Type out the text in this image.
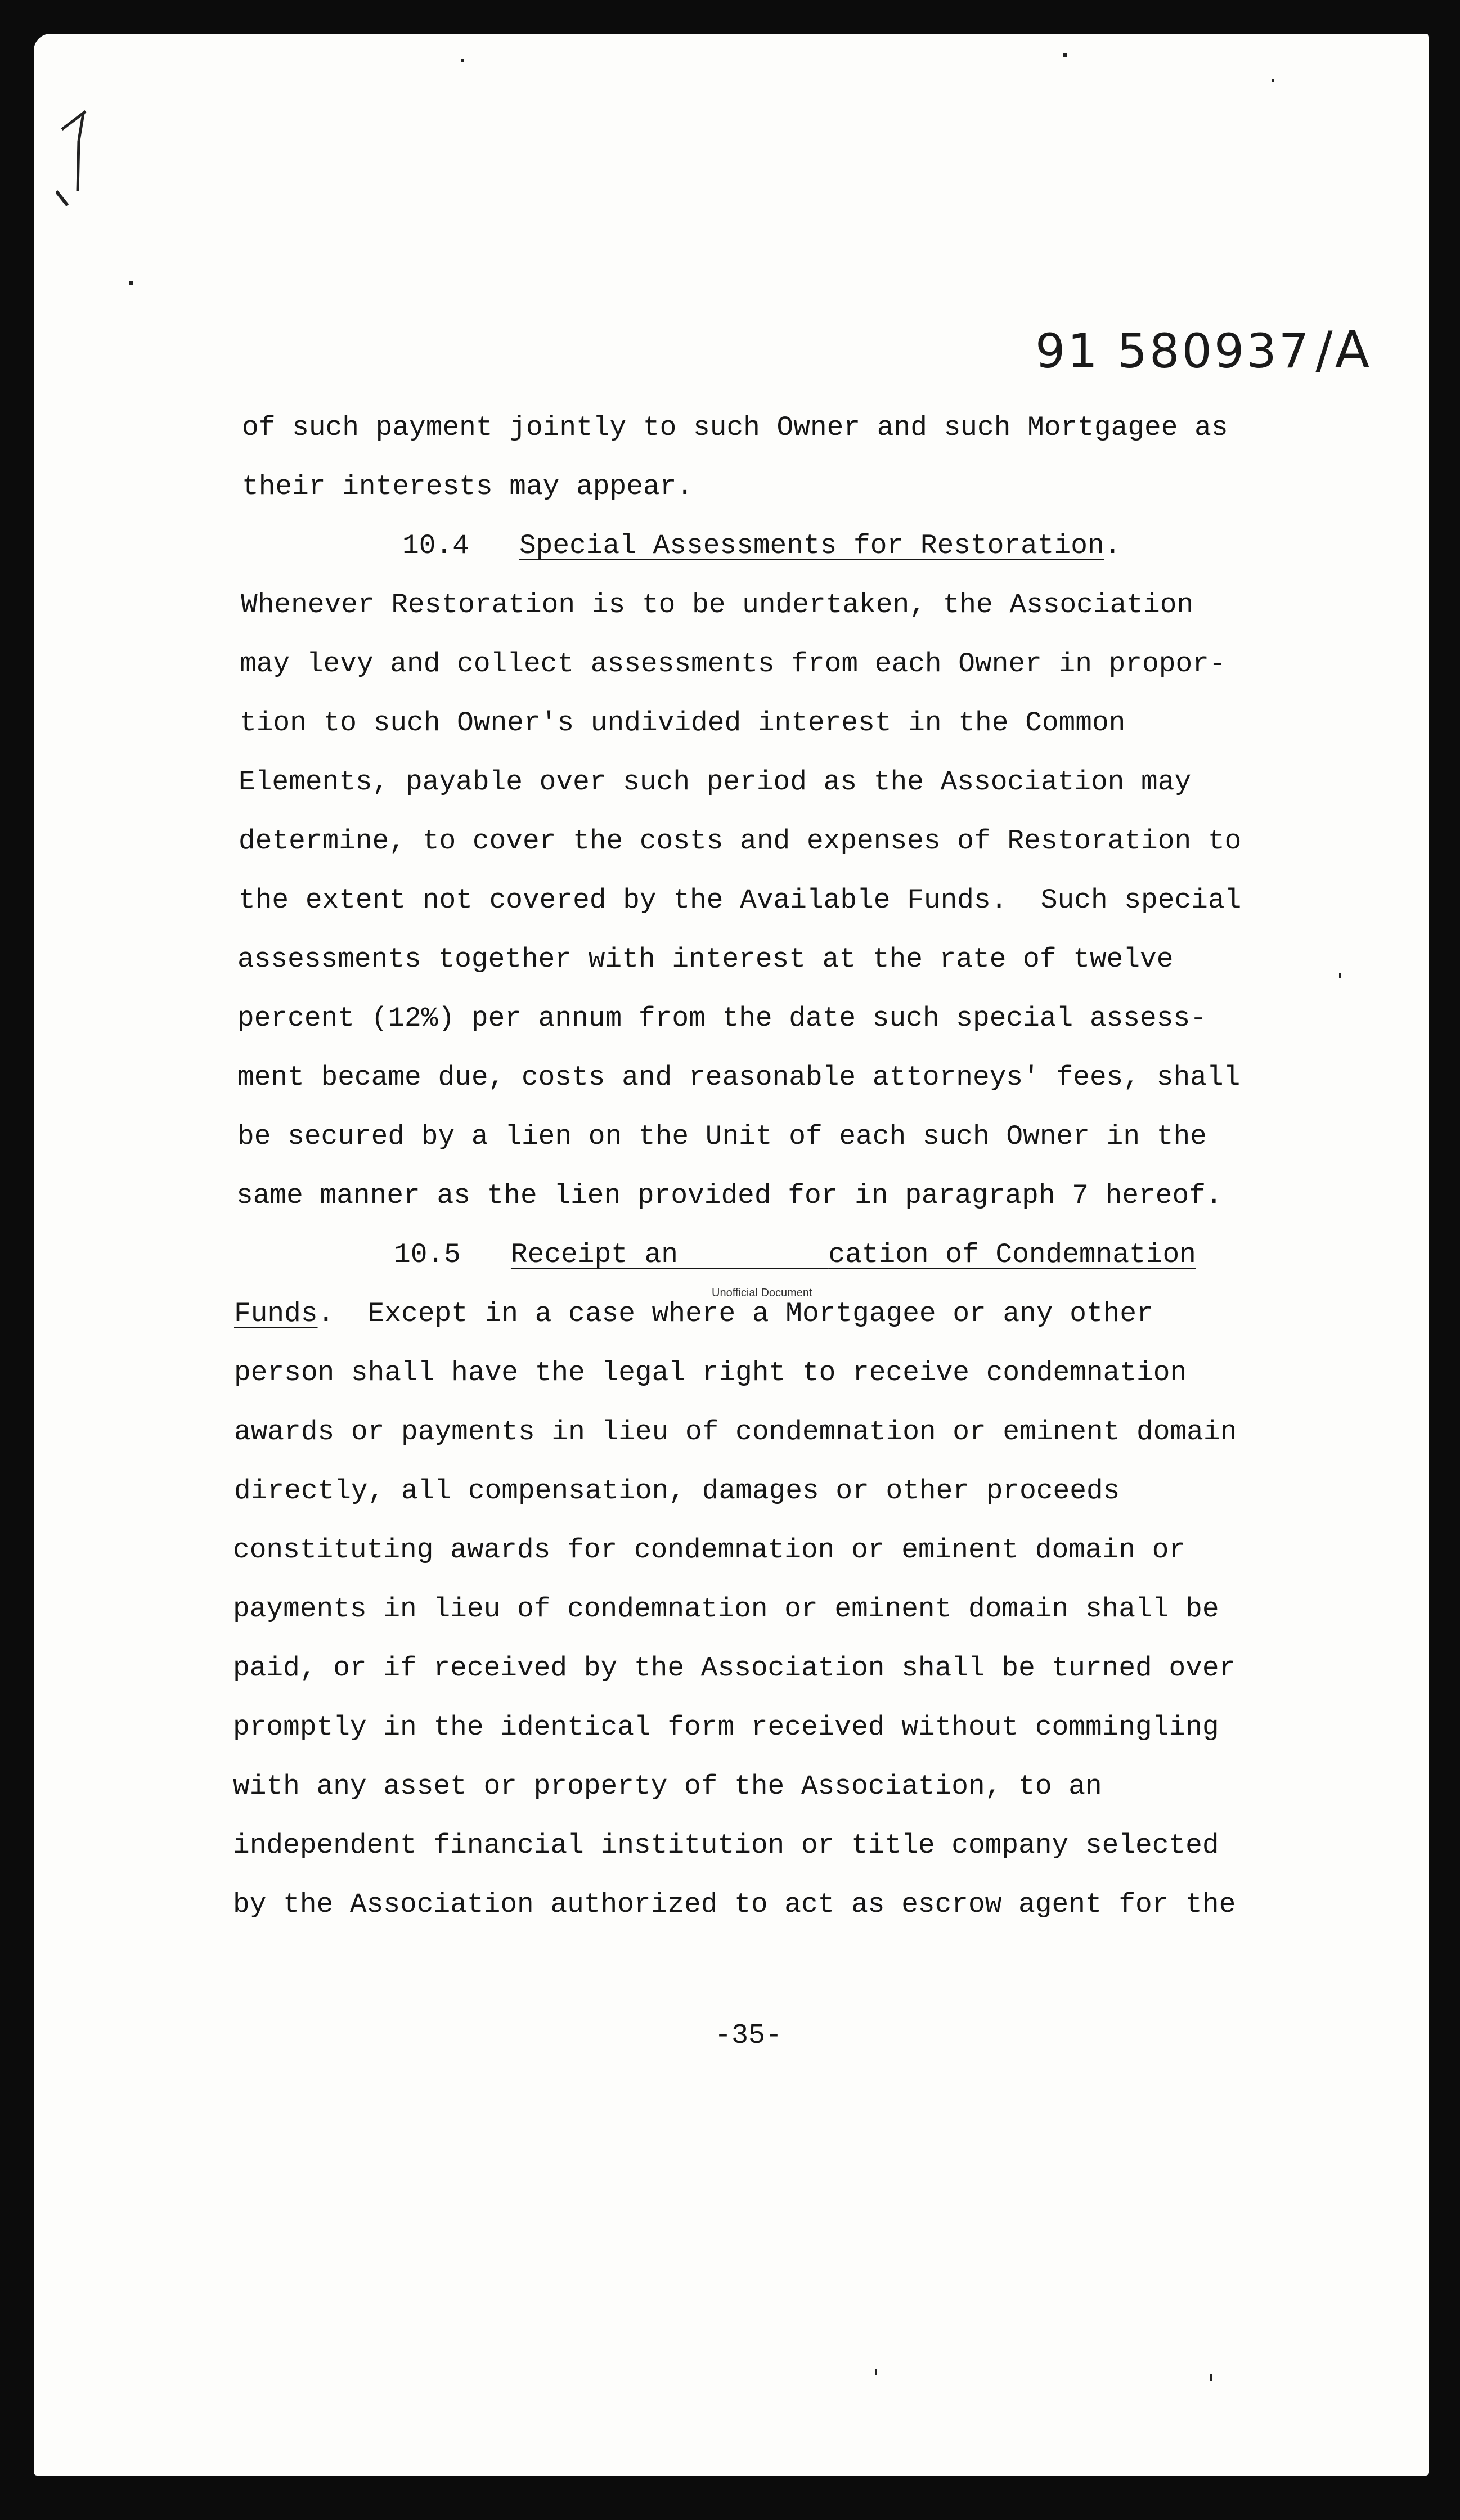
91 580937/A
of such payment jointly to such Owner and such Mortgagee as
their interests may appear.
10.4 Special Assessments for Restoration.
Whenever Restoration is to be undertaken, the Association
may levy and collect assessments from each Owner in propor-
tion to such Owner's undivided interest in the Common
Elements, payable over such period as the Association may
determine, to cover the costs and expenses of Restoration to
the extent not covered by the Available Funds.  Such special
assessments together with interest at the rate of twelve
percent (12%) per annum from the date such special assess-
ment became due, costs and reasonable attorneys' fees, shall
be secured by a lien on the Unit of each such Owner in the
same manner as the lien provided for in paragraph 7 hereof.
10.5 Receipt an	cation of Condemnation
Unofficial Document
Funds. Except in a case where a Mortgagee or any other
person shall have the legal right to receive condemnation
awards or payments in lieu of condemnation or eminent domain
directly, all compensation, damages or other proceeds
constituting awards for condemnation or eminent domain or
payments in lieu of condemnation or eminent domain shall be
paid, or if received by the Association shall be turned over
promptly in the identical form received without commingling
with any asset or property of the Association, to an
independent financial institution or title company selected
by the Association authorized to act as escrow agent for the
-35-
